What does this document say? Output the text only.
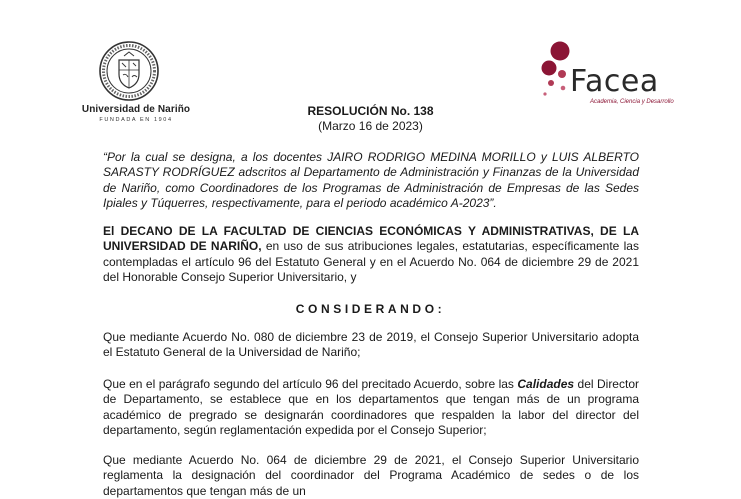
Universidad de Nariño
FUNDADA EN 1904
Facea
Academia, Ciencia y Desarrollo
RESOLUCIÓN No. 138
(Marzo 16 de 2023)

“Por la cual se designa, a los docentes JAIRO RODRIGO MEDINA MORILLO y LUIS ALBERTO SARASTY RODRÍGUEZ adscritos al Departamento de Administración y Finanzas de la Universidad de Nariño, como Coordinadores de los Programas de Administración de Empresas de las Sedes Ipiales y Túquerres, respectivamente, para el periodo académico A-2023”.

El DECANO DE LA FACULTAD DE CIENCIAS ECONÓMICAS Y ADMINISTRATIVAS, DE LA UNIVERSIDAD DE NARIÑO, en uso de sus atribuciones legales, estatutarias, específicamente las contempladas el artículo 96 del Estatuto General y en el Acuerdo No. 064 de diciembre 29 de 2021 del Honorable Consejo Superior Universitario, y

CONSIDERANDO:

Que mediante Acuerdo No. 080 de diciembre 23 de 2019, el Consejo Superior Universitario adopta el Estatuto General de la Universidad de Nariño;

Que en el parágrafo segundo del artículo 96 del precitado Acuerdo, sobre las Calidades del Director de Departamento, se establece que en los departamentos que tengan más de un programa académico de pregrado se designarán coordinadores que respalden la labor del director del departamento, según reglamentación expedida por el Consejo Superior;

Que mediante Acuerdo No. 064 de diciembre 29 de 2021, el Consejo Superior Universitario reglamenta la designación del coordinador del Programa Académico de sedes o de los departamentos que tengan más de un
